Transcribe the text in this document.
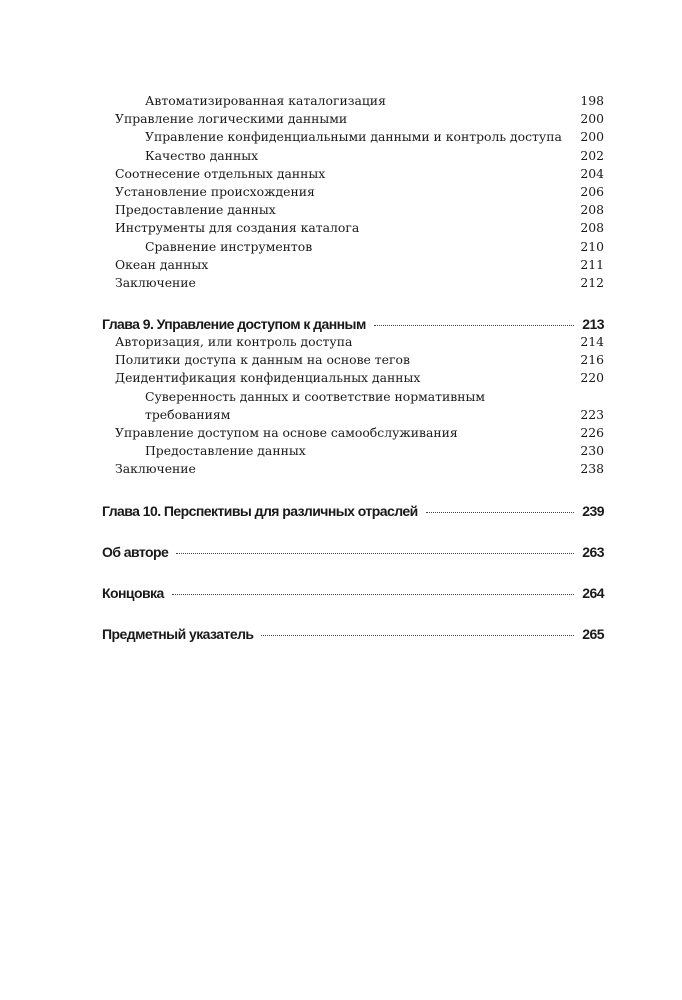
Автоматизированная каталогизация	198
Управление логическими данными	200
Управление конфиденциальными данными и контроль доступа 200
Качество данных	202
Соотнесение отдельных данных	204
Установление происхождения	206
Предоставление данных	208
Инструменты для создания каталога	208
Сравнение инструментов	210
Океан данных	211
Заключение	212
Глава 9. Управление доступом к данным	213
Авторизация, или контроль доступа	214
Политики доступа к данным на основе тегов	216
Деидентификация конфиденциальных данных	220
Суверенность данных и соответствие нормативным требованиям	223
Управление доступом на основе самообслуживания	226
Предоставление данных	230
Заключение	238
Глава 10. Перспективы для различных отраслей	239
Об авторе	263
Концовка	264
Предметный указатель	265
